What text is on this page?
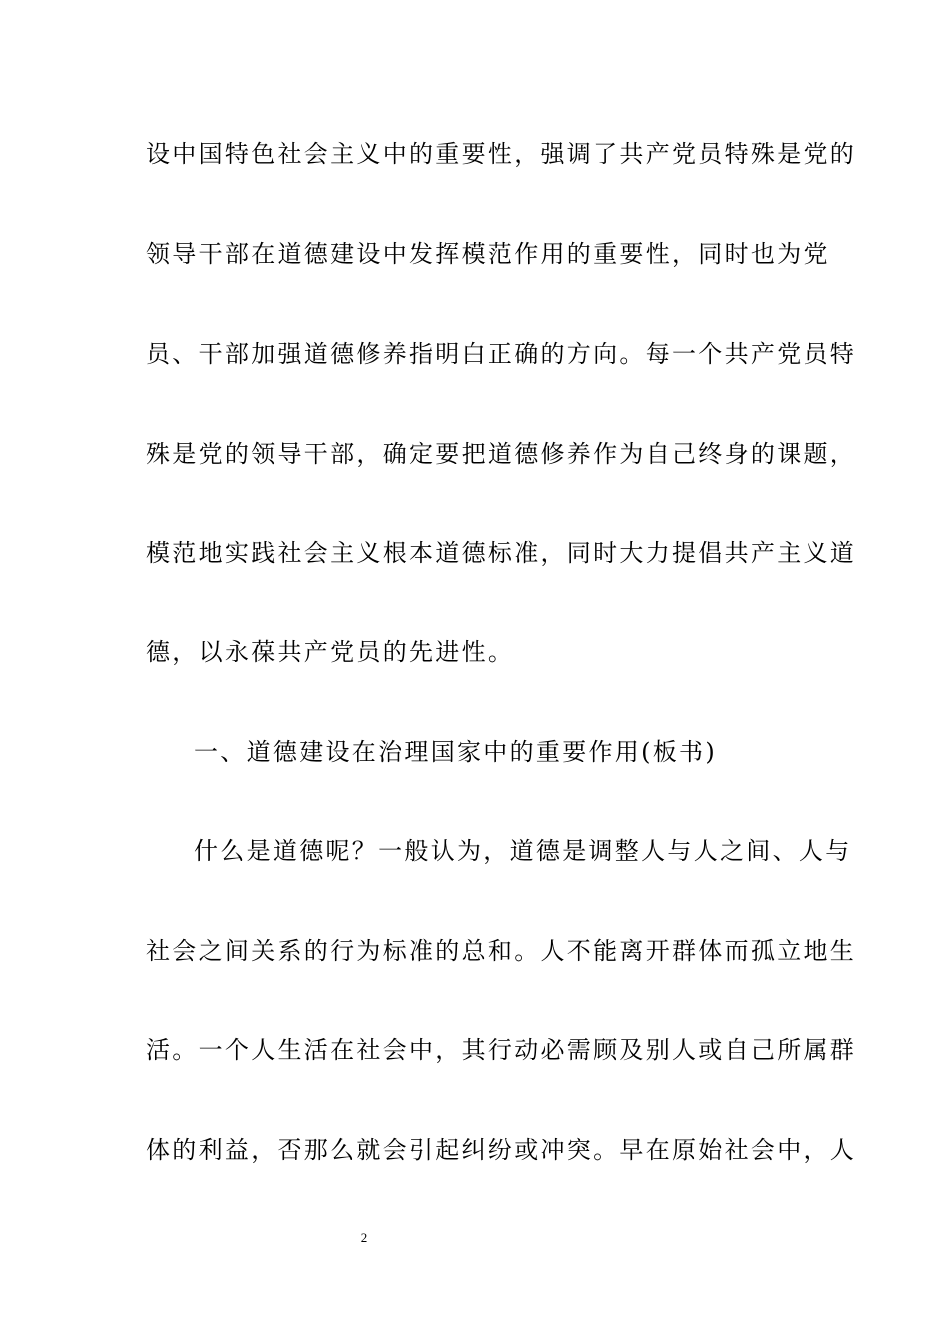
设中国特色社会主义中的重要性，强调了共产党员特殊是党的
领导干部在道德建设中发挥模范作用的重要性，同时也为党
员、干部加强道德修养指明白正确的方向。每一个共产党员特
殊是党的领导干部，确定要把道德修养作为自己终身的课题，
模范地实践社会主义根本道德标准，同时大力提倡共产主义道
德，以永葆共产党员的先进性。
一、道德建设在治理国家中的重要作用(板书)
什么是道德呢？一般认为，道德是调整人与人之间、人与
社会之间关系的行为标准的总和。人不能离开群体而孤立地生
活。一个人生活在社会中，其行动必需顾及别人或自己所属群
体的利益，否那么就会引起纠纷或冲突。早在原始社会中，人
2
